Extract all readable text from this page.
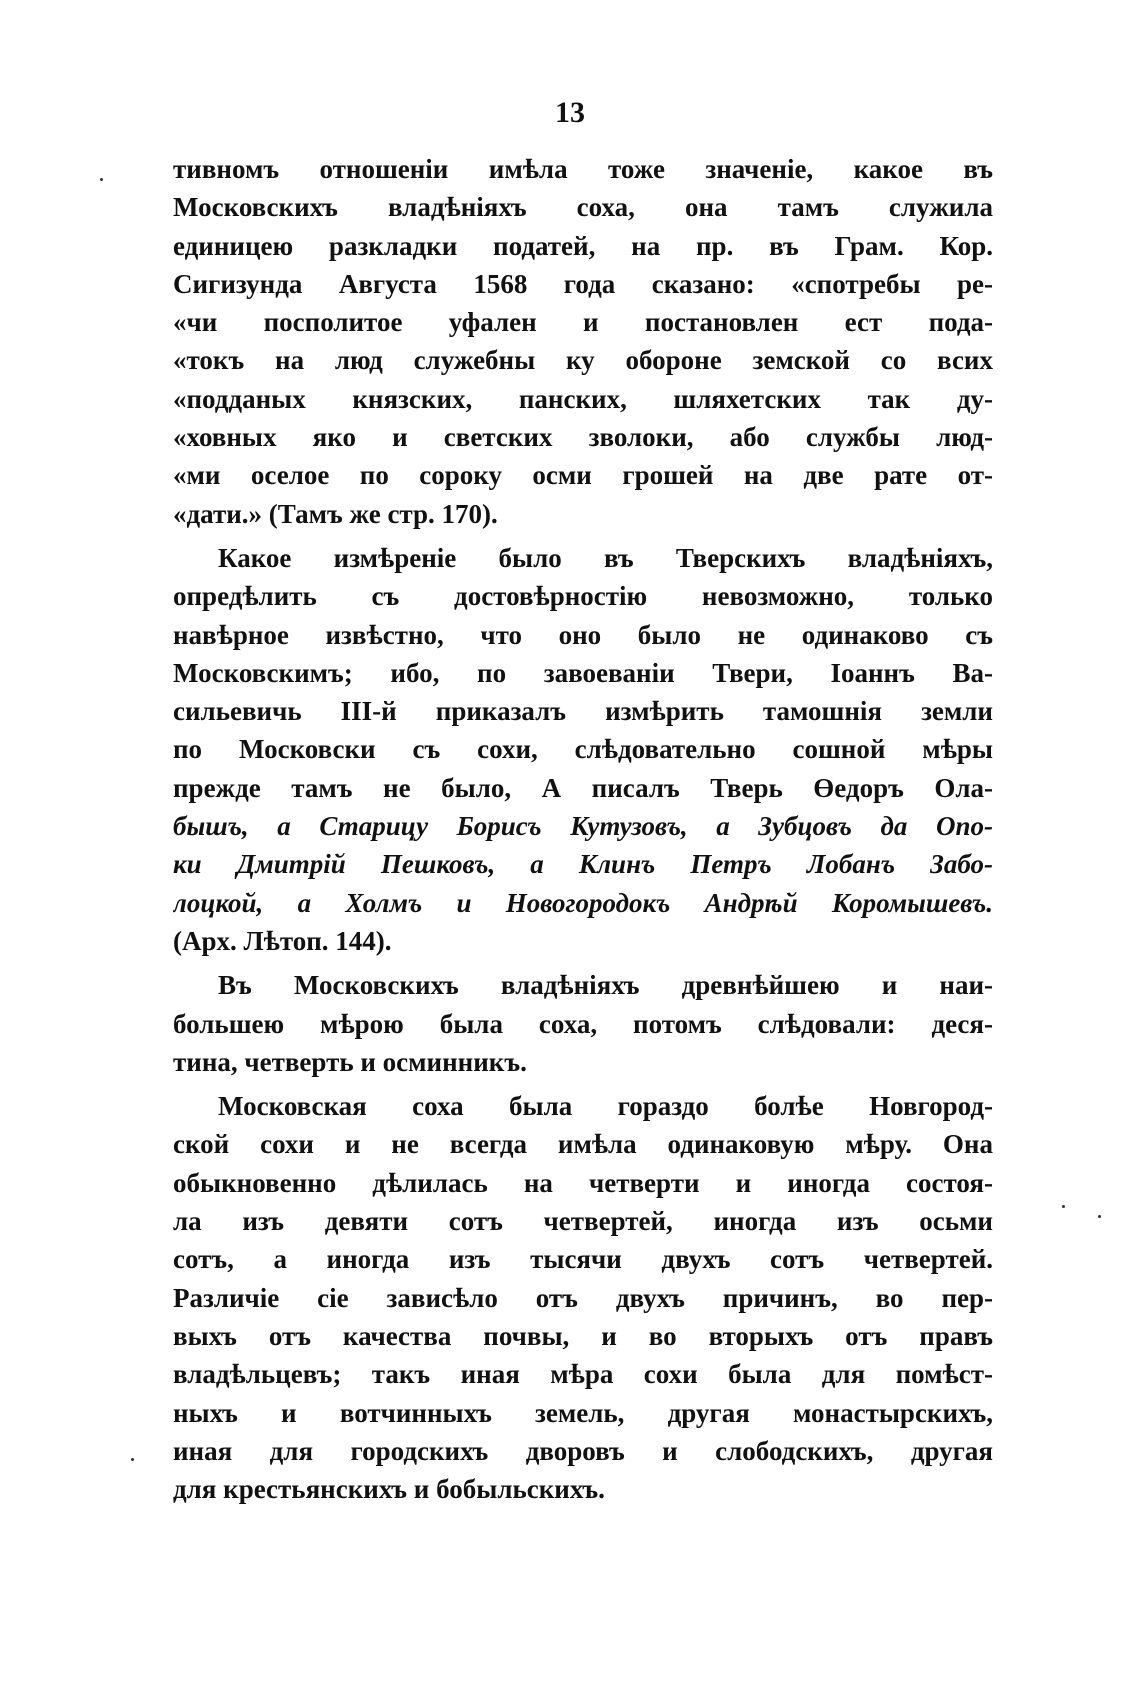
13
тивномъ отношеніи имѣла тоже значеніе, какое въ
Московскихъ владѣніяхъ соха, она тамъ служила
единицею разкладки податей, на пр. въ Грам. Кор.
Сигизунда Августа 1568 года сказано: «спотребы ре-
«чи посполитое уфален и постановлен ест пода-
«токъ на люд служебны ку обороне земской со всих
«подданых князских, панских, шляхетских так ду-
«ховных яко и светских зволоки, або службы люд-
«ми оселое по сороку осми грошей на две рате от-
«дати.» (Тамъ же стр. 170).
Какое измѣреніе было въ Тверскихъ владѣніяхъ,
опредѣлить съ достовѣрностію невозможно, только
навѣрное извѣстно, что оно было не одинаково съ
Московскимъ; ибо, по завоеваніи Твери, Іоаннъ Ва-
сильевичь III-й приказалъ измѣрить тамошнія земли
по Московски съ сохи, слѣдовательно сошной мѣры
прежде тамъ не было, А писалъ Тверь Өедоръ Ола-
бышъ, а Старицу Борисъ Кутузовъ, а Зубцовъ да Опо-
ки Дмитрій Пешковъ, а Клинъ Петръ Лобанъ Забо-
лоцкой, а Холмъ и Новогородокъ Андрѣй Коромышевъ.
(Арх. Лѣтоп. 144).
Въ Московскихъ владѣніяхъ древнѣйшею и наи-
большею мѣрою была соха, потомъ слѣдовали: деся-
тина, четверть и осминникъ.
Московская соха была гораздо болѣе Новгород-
ской сохи и не всегда имѣла одинаковую мѣру. Она
обыкновенно дѣлилась на четверти и иногда состоя-
ла изъ девяти сотъ четвертей, иногда изъ осьми
сотъ, а иногда изъ тысячи двухъ сотъ четвертей.
Различіе сіе зависѣло отъ двухъ причинъ, во пер-
выхъ отъ качества почвы, и во вторыхъ отъ правъ
владѣльцевъ; такъ иная мѣра сохи была для помѣст-
ныхъ и вотчинныхъ земель, другая монастырскихъ,
иная для городскихъ дворовъ и слободскихъ, другая
для крестьянскихъ и бобыльскихъ.
